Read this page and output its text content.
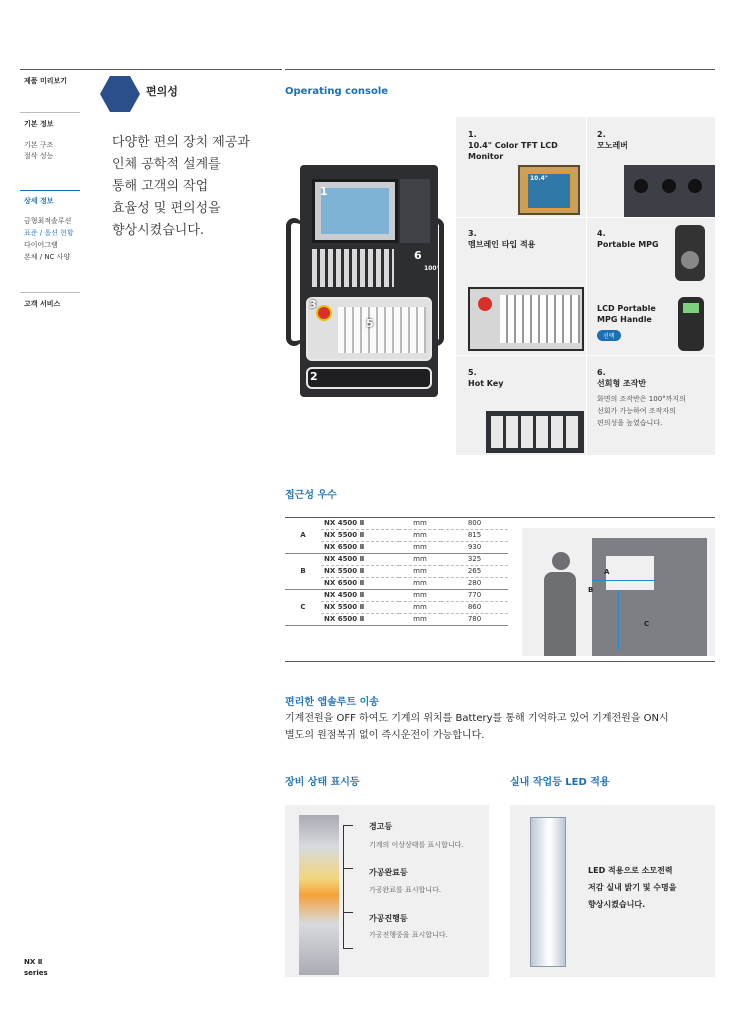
제품 미리보기
기본 정보
기본 구조
절삭 성능
상세 정보
금형최적솔루션
표준 / 옵션 현황
다이어그램
본체 / NC 사양
고객 서비스
NX Ⅱ
series
편의성
다양한 편의 장치 제공과
인체 공학적 설계를
통해 고객의 작업
효율성 및 편의성을
향상시켰습니다.
Operating console
1
6
3
5
2
100°
1.
10.4" Color TFT LCD
Monitor
10.4"
2.
모노레버
3.
멤브레인 타입 적용
4.
Portable MPG
LCD Portable
MPG Handle
선택
5.
Hot Key
6.
선회형 조작반
화면의 조작반은 100°까지의
선회가 가능하여 조작자의
편의성을 높였습니다.
접근성 우수
A	NX 4500 Ⅱ	mm	800
	NX 5500 Ⅱ	mm	815
	NX 6500 Ⅱ	mm	930
B	NX 4500 Ⅱ	mm	325
	NX 5500 Ⅱ	mm	265
	NX 6500 Ⅱ	mm	280
C	NX 4500 Ⅱ	mm	770
	NX 5500 Ⅱ	mm	860
	NX 6500 Ⅱ	mm	780
A
B
C
편리한 앱솔루트 이송
기계전원을 OFF 하여도 기계의 위치를 Battery를 통해 기억하고 있어 기계전원을 ON시
별도의 원점복귀 없이 즉시운전이 가능합니다.
장비 상태 표시등
경고등
기계의 이상상태를 표시합니다.
가공완료등
가공완료를 표시합니다.
가공진행등
가공진행중을 표시합니다.
실내 작업등 LED 적용
LED 적용으로 소모전력
저감 실내 밝기 및 수명을
향상시켰습니다.
